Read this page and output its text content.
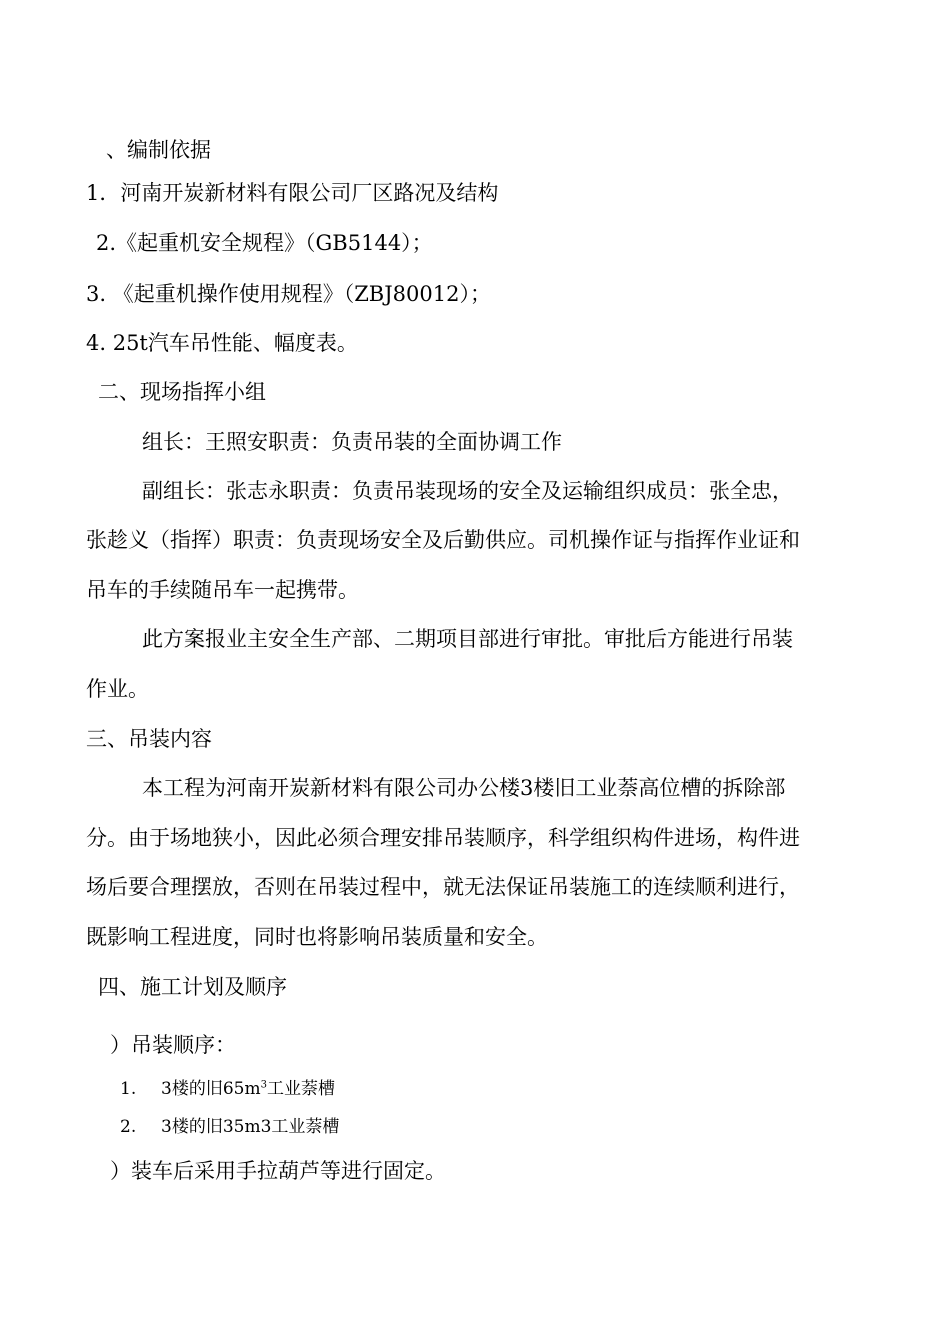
、编制依据
1．河南开炭新材料有限公司厂区路况及结构
2.《起重机安全规程》（GB5144）；
3. 《起重机操作使用规程》（ZBJ80012）；
4. 25t汽车吊性能、幅度表。
二、现场指挥小组
组长：王照安职责：负责吊装的全面协调工作
副组长：张志永职责：负责吊装现场的安全及运输组织成员：张全忠，
张趁义（指挥）职责：负责现场安全及后勤供应。司机操作证与指挥作业证和
吊车的手续随吊车一起携带。
此方案报业主安全生产部、二期项目部进行审批。审批后方能进行吊装
作业。
三、吊装内容
本工程为河南开炭新材料有限公司办公楼3楼旧工业萘高位槽的拆除部
分。由于场地狭小，因此必须合理安排吊装顺序，科学组织构件进场，构件进
场后要合理摆放，否则在吊装过程中，就无法保证吊装施工的连续顺利进行，
既影响工程进度，同时也将影响吊装质量和安全。
四、施工计划及顺序
）吊装顺序：
1. 3楼的旧$65m^3$工业萘槽
2. 3楼的旧35m3工业萘槽
）装车后采用手拉葫芦等进行固定。
